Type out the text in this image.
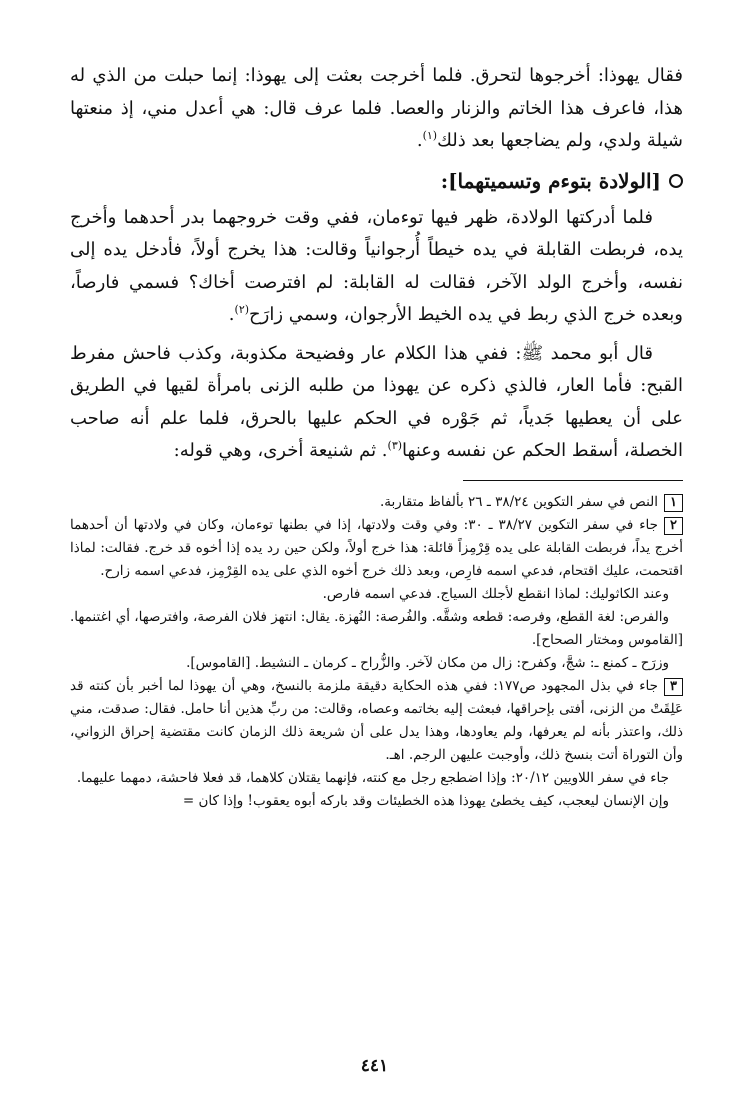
فقال يهوذا: أخرجوها لتحرق. فلما أخرجت بعثت إلى يهوذا: إنما حبلت من الذي له هذا، فاعرف هذا الخاتم والزنار والعصا. فلما عرف قال: هي أعدل مني، إذ منعتها شيلة ولدي، ولم يضاجعها بعد ذلك$^{(١)}$.

[الولادة بتوءم وتسميتهما]:

فلما أدركتها الولادة، ظهر فيها توءمان، ففي وقت خروجهما بدر أحدهما وأخرج يده، فربطت القابلة في يده خيطاً أُرجوانياً وقالت: هذا يخرج أولاً، فأدخل يده إلى نفسه، وأخرج الولد الآخر، فقالت له القابلة: لم افترصت أخاك؟ فسمي فارصاً، وبعده خرج الذي ربط في يده الخيط الأرجوان، وسمي زارَح$^{(٢)}$.

قال أبو محمد ﷺ: ففي هذا الكلام عار وفضيحة مكذوبة، وكذب فاحش مفرط القبح: فأما العار، فالذي ذكره عن يهوذا من طلبه الزنى بامرأة لقيها في الطريق على أن يعطيها جَدياً، ثم جَوْره في الحكم عليها بالحرق، فلما علم أنه صاحب الخصلة، أسقط الحكم عن نفسه وعنها$^{(٣)}$. ثم شنيعة أخرى، وهي قوله:

١النص في سفر التكوين ٣٨/٢٤ ـ ٢٦ بألفاظ متقاربة.

٢جاء في سفر التكوين ٣٨/٢٧ ـ ٣٠: وفي وقت ولادتها، إذا في بطنها توءمان، وكان في ولادتها أن أحدهما أخرج يداً، فربطت القابلة على يده قِرْمِزاً قائلة: هذا خرج أولاً، ولكن حين رد يده إذا أخوه قد خرج. فقالت: لماذا اقتحمت، عليك اقتحام، فدعي اسمه فارِص، وبعد ذلك خرج أخوه الذي على يده القِرْمِز، فدعي اسمه زارح.

وعند الكاثوليك: لماذا انقطع لأجلك السياج. فدعي اسمه فارص.

والفرص: لغة القطع، وفرصه: قطعه وشقَّه. والفُرصة: النُهزة. يقال: انتهز فلان الفرصة، وافترصها، أي اغتنمها. [القاموس ومختار الصحاح].

وزرَح ـ كمنع ـ: شجَّ، وكفرح: زال من مكان لآخر. والزُّراح ـ كرمان ـ النشيط. [القاموس].

٣جاء في بذل المجهود ص١٧٧: ففي هذه الحكاية دقيقة ملزمة بالنسخ، وهي أن يهوذا لما أخبر بأن كنته قد عَلِقَتْ من الزنى، أفتى بإحراقها، فبعثت إليه بخاتمه وعصاه، وقالت: من ربِّ هذين أنا حامل. فقال: صدقت، مني ذلك، واعتذر بأنه لم يعرفها، ولم يعاودها، وهذا يدل على أن شريعة ذلك الزمان كانت مقتضية إحراق الزواني، وأن التوراة أتت بنسخ ذلك، وأوجبت عليهن الرجم. اهـ.

جاء في سفر اللاويين ٢٠/١٢: وإذا اضطجع رجل مع كنته، فإنهما يقتلان كلاهما، قد فعلا فاحشة، دمهما عليهما.

وإن الإنسان ليعجب، كيف يخطئ يهوذا هذه الخطيئات وقد باركه أبوه يعقوب! وإذا كان =

٤٤١
